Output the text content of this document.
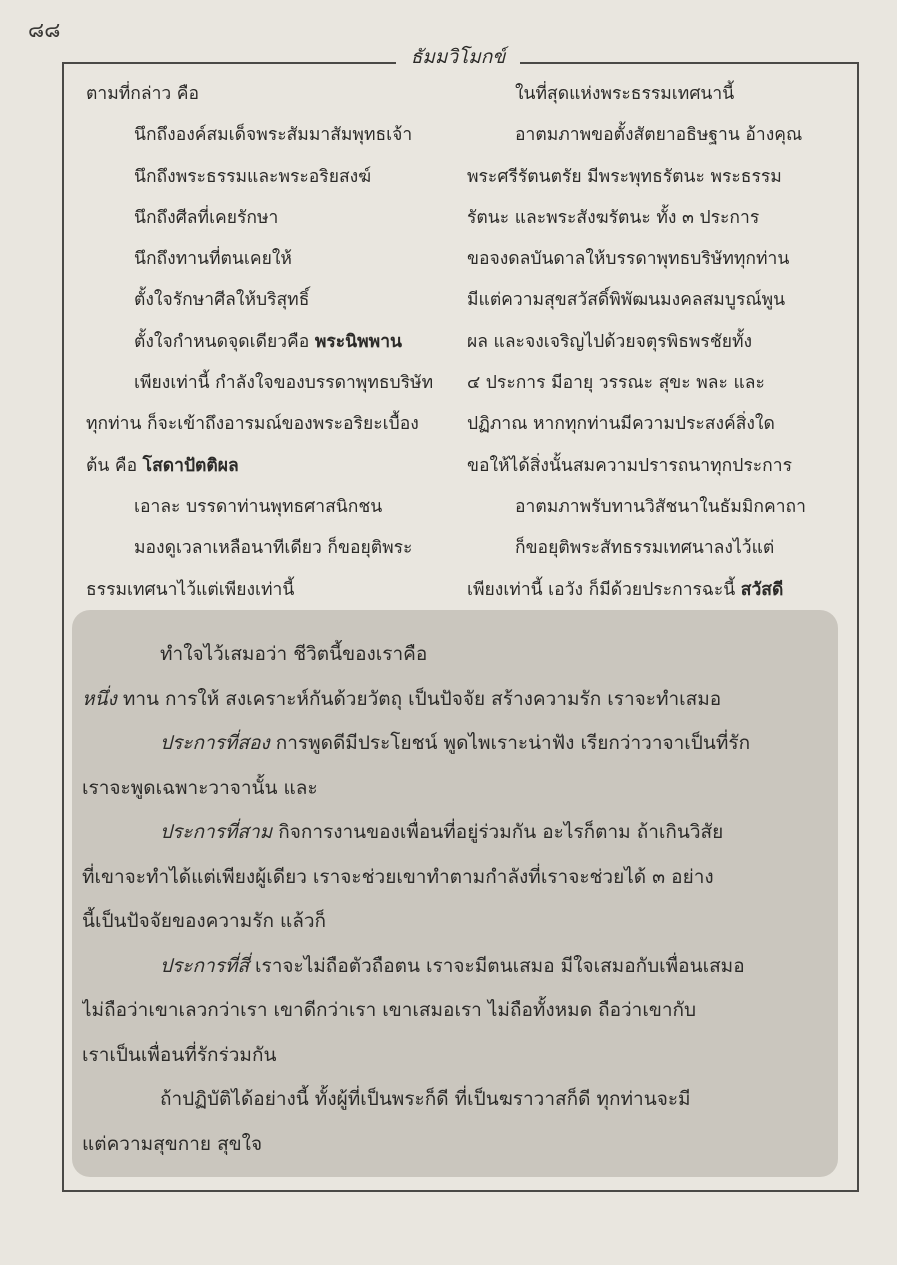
๘๘
ธัมมวิโมกข์
ตามที่กล่าว คือ
นึกถึงองค์สมเด็จพระสัมมาสัมพุทธเจ้า
นึกถึงพระธรรมและพระอริยสงฆ์
นึกถึงศีลที่เคยรักษา
นึกถึงทานที่ตนเคยให้
ตั้งใจรักษาศีลให้บริสุทธิ์
ตั้งใจกำหนดจุดเดียวคือ พระนิพพาน
เพียงเท่านี้ กำลังใจของบรรดาพุทธบริษัท
ทุกท่าน ก็จะเข้าถึงอารมณ์ของพระอริยะเบื้อง
ต้น คือ โสดาปัตติผล
เอาละ บรรดาท่านพุทธศาสนิกชน
มองดูเวลาเหลือนาทีเดียว ก็ขอยุติพระ
ธรรมเทศนาไว้แต่เพียงเท่านี้
ในที่สุดแห่งพระธรรมเทศนานี้
อาตมภาพขอตั้งสัตยาอธิษฐาน อ้างคุณ
พระศรีรัตนตรัย มีพระพุทธรัตนะ พระธรรม
รัตนะ และพระสังฆรัตนะ ทั้ง ๓ ประการ
ขอจงดลบันดาลให้บรรดาพุทธบริษัททุกท่าน
มีแต่ความสุขสวัสดิ์พิพัฒนมงคลสมบูรณ์พูน
ผล และจงเจริญไปด้วยจตุรพิธพรชัยทั้ง
๔ ประการ มีอายุ วรรณะ สุขะ พละ และ
ปฏิภาณ หากทุกท่านมีความประสงค์สิ่งใด
ขอให้ได้สิ่งนั้นสมความปรารถนาทุกประการ
อาตมภาพรับทานวิสัชนาในธัมมิกคาถา
ก็ขอยุติพระสัทธรรมเทศนาลงไว้แต่
เพียงเท่านี้ เอวัง ก็มีด้วยประการฉะนี้ สวัสดี
ทำใจไว้เสมอว่า ชีวิตนี้ของเราคือ
หนึ่ง ทาน การให้ สงเคราะห์กันด้วยวัตถุ เป็นปัจจัย สร้างความรัก เราจะทำเสมอ
ประการที่สอง การพูดดีมีประโยชน์ พูดไพเราะน่าฟัง เรียกว่าวาจาเป็นที่รัก
เราจะพูดเฉพาะวาจานั้น และ
ประการที่สาม กิจการงานของเพื่อนที่อยู่ร่วมกัน อะไรก็ตาม ถ้าเกินวิสัย
ที่เขาจะทำได้แต่เพียงผู้เดียว เราจะช่วยเขาทำตามกำลังที่เราจะช่วยได้ ๓ อย่าง
นี้เป็นปัจจัยของความรัก แล้วก็
ประการที่สี่ เราจะไม่ถือตัวถือตน เราจะมีตนเสมอ มีใจเสมอกับเพื่อนเสมอ
ไม่ถือว่าเขาเลวกว่าเรา เขาดีกว่าเรา เขาเสมอเรา ไม่ถือทั้งหมด ถือว่าเขากับ
เราเป็นเพื่อนที่รักร่วมกัน
ถ้าปฏิบัติได้อย่างนี้ ทั้งผู้ที่เป็นพระก็ดี ที่เป็นฆราวาสก็ดี ทุกท่านจะมี
แต่ความสุขกาย สุขใจ
